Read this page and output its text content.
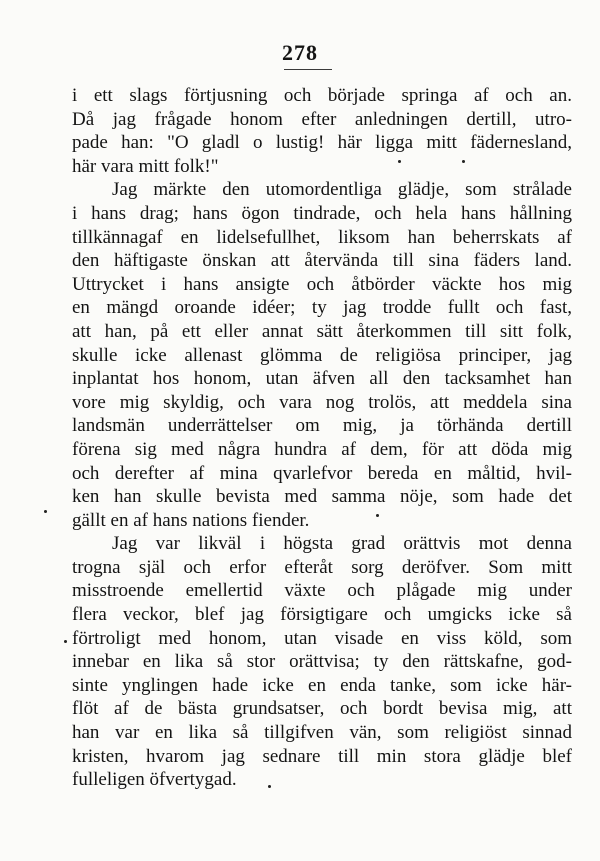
278
i ett slags förtjusning och började springa af och an.
Då jag frågade honom efter anledningen dertill, utro-
pade han: "O gladl o lustig! här ligga mitt fädernesland,
här vara mitt folk!"
Jag märkte den utomordentliga glädje, som strålade
i hans drag; hans ögon tindrade, och hela hans hållning
tillkännagaf en lidelsefullhet, liksom han beherrskats af
den häftigaste önskan att återvända till sina fäders land.
Uttrycket i hans ansigte och åtbörder väckte hos mig
en mängd oroande idéer; ty jag trodde fullt och fast,
att han, på ett eller annat sätt återkommen till sitt folk,
skulle icke allenast glömma de religiösa principer, jag
inplantat hos honom, utan äfven all den tacksamhet han
vore mig skyldig, och vara nog trolös, att meddela sina
landsmän underrättelser om mig, ja törhända dertill
förena sig med några hundra af dem, för att döda mig
och derefter af mina qvarlefvor bereda en måltid, hvil-
ken han skulle bevista med samma nöje, som hade det
gällt en af hans nations fiender.
Jag var likväl i högsta grad orättvis mot denna
trogna själ och erfor efteråt sorg deröfver. Som mitt
misstroende emellertid växte och plågade mig under
flera veckor, blef jag försigtigare och umgicks icke så
förtroligt med honom, utan visade en viss köld, som
innebar en lika så stor orättvisa; ty den rättskafne, god-
sinte ynglingen hade icke en enda tanke, som icke här-
flöt af de bästa grundsatser, och bordt bevisa mig, att
han var en lika så tillgifven vän, som religiöst sinnad
kristen, hvarom jag sednare till min stora glädje blef
fulleligen öfvertygad.
